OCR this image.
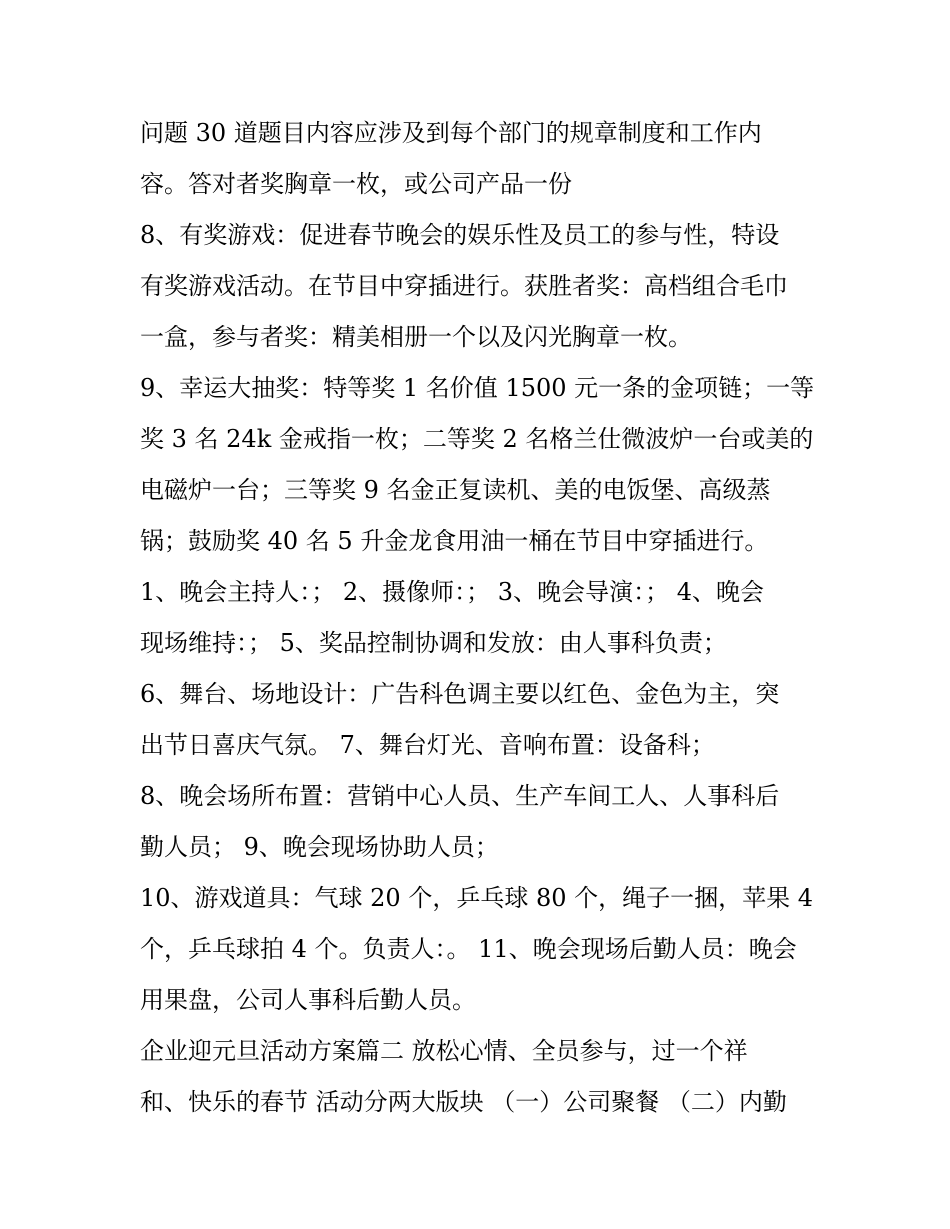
问题 30 道题目内容应涉及到每个部门的规章制度和工作内
容。答对者奖胸章一枚，或公司产品一份
8、有奖游戏：促进春节晚会的娱乐性及员工的参与性，特设
有奖游戏活动。在节目中穿插进行。获胜者奖：高档组合毛巾
一盒，参与者奖：精美相册一个以及闪光胸章一枚。
9、幸运大抽奖：特等奖 1 名价值 1500 元一条的金项链；一等
奖 3 名 24k 金戒指一枚；二等奖 2 名格兰仕微波炉一台或美的
电磁炉一台；三等奖 9 名金正复读机、美的电饭堡、高级蒸
锅；鼓励奖 40 名 5 升金龙食用油一桶在节目中穿插进行。
1、晚会主持人：； 2、摄像师：； 3、晚会导演：； 4、晚会
现场维持：； 5、奖品控制协调和发放：由人事科负责；
6、舞台、场地设计：广告科色调主要以红色、金色为主，突
出节日喜庆气氛。 7、舞台灯光、音响布置：设备科；
8、晚会场所布置：营销中心人员、生产车间工人、人事科后
勤人员； 9、晚会现场协助人员；
10、游戏道具：气球 20 个，乒乓球 80 个，绳子一捆，苹果 4
个，乒乓球拍 4 个。负责人：。 11、晚会现场后勤人员：晚会
用果盘，公司人事科后勤人员。
企业迎元旦活动方案篇二 放松心情、全员参与，过一个祥
和、快乐的春节 活动分两大版块 （一）公司聚餐 （二）内勤
